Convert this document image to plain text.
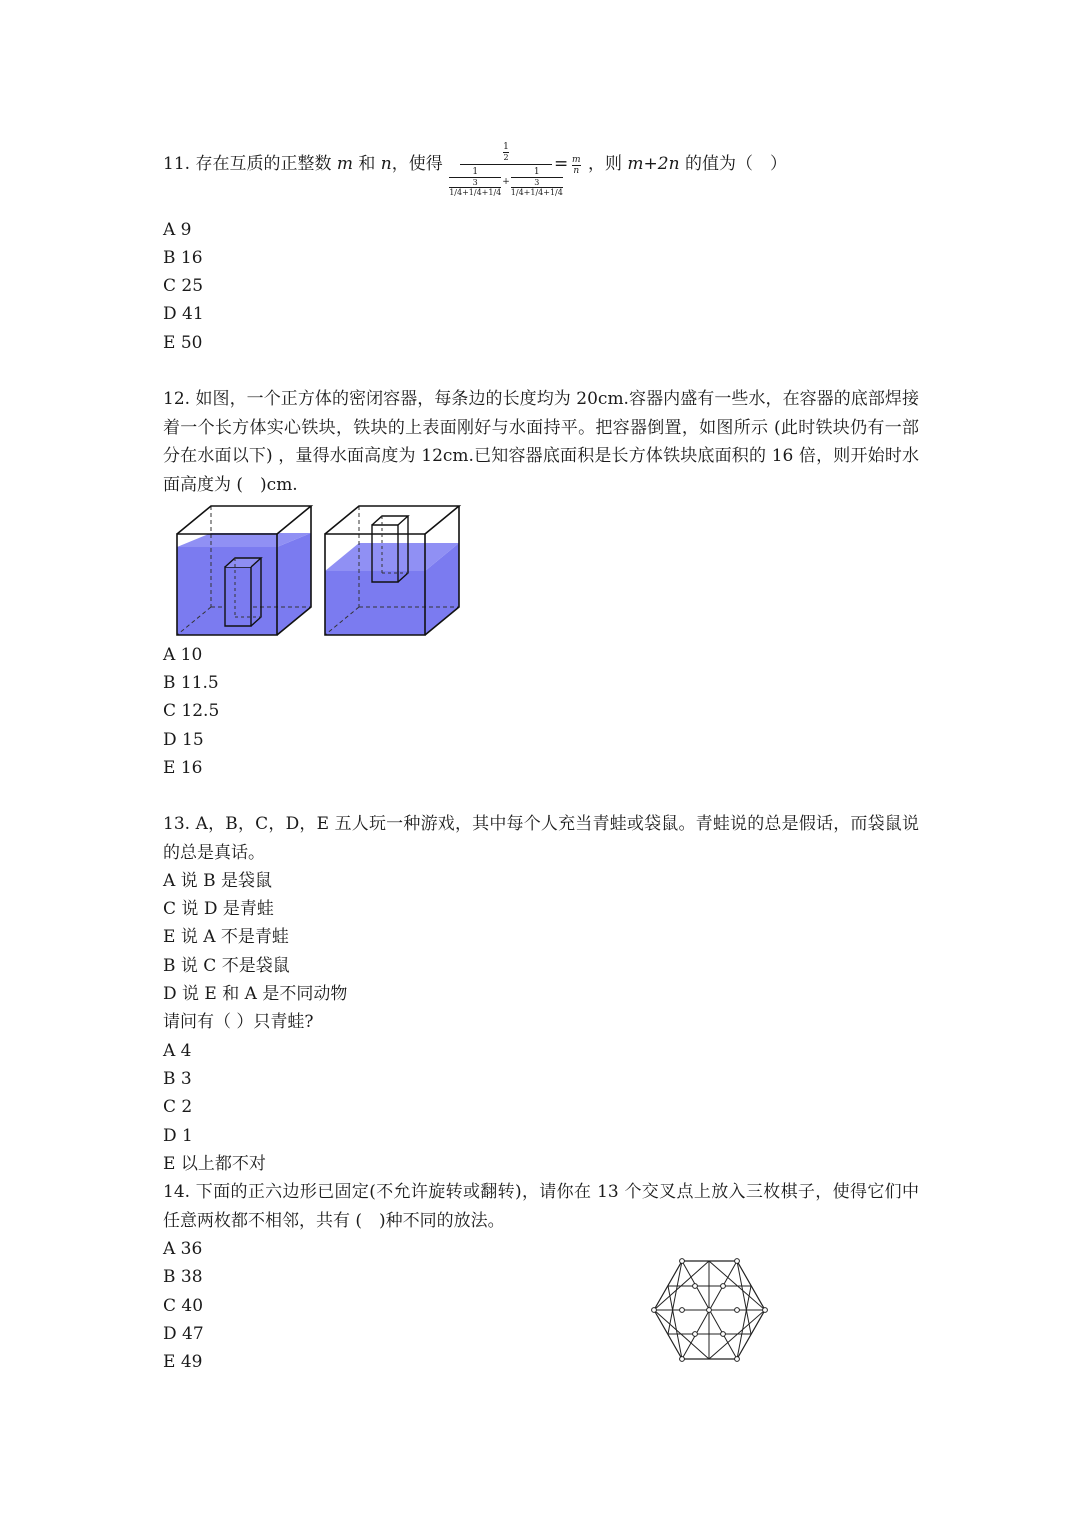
11. 存在互质的正整数 m 和 n，使得
$\frac{1}{2}$
1
3
1/4+1/4+1/4
+
1
3
1/4+1/4+1/4
= $\frac{m}{n}$ ，则 m+2n 的值为（　）
A 9
B 16
C 25
D 41
E 50
12. 如图，一个正方体的密闭容器，每条边的长度均为 20cm.容器内盛有一些水，在容器的底部焊接着一个长方体实心铁块，铁块的上表面刚好与水面持平。把容器倒置，如图所示 (此时铁块仍有一部分在水面以下) ，量得水面高度为 12cm.已知容器底面积是长方体铁块底面积的 16 倍，则开始时水面高度为 (　)cm.
A 10
B 11.5
C 12.5
D 15
E 16
13. A，B，C，D，E 五人玩一种游戏，其中每个人充当青蛙或袋鼠。青蛙说的总是假话，而袋鼠说的总是真话。
A 说 B 是袋鼠
C 说 D 是青蛙
E 说 A 不是青蛙
B 说 C 不是袋鼠
D 说 E 和 A 是不同动物
请问有（ ）只青蛙?
A 4
B 3
C 2
D 1
E 以上都不对
14. 下面的正六边形已固定(不允许旋转或翻转)，请你在 13 个交叉点上放入三枚棋子，使得它们中任意两枚都不相邻，共有 (　)种不同的放法。
A 36
B 38
C 40
D 47
E 49
